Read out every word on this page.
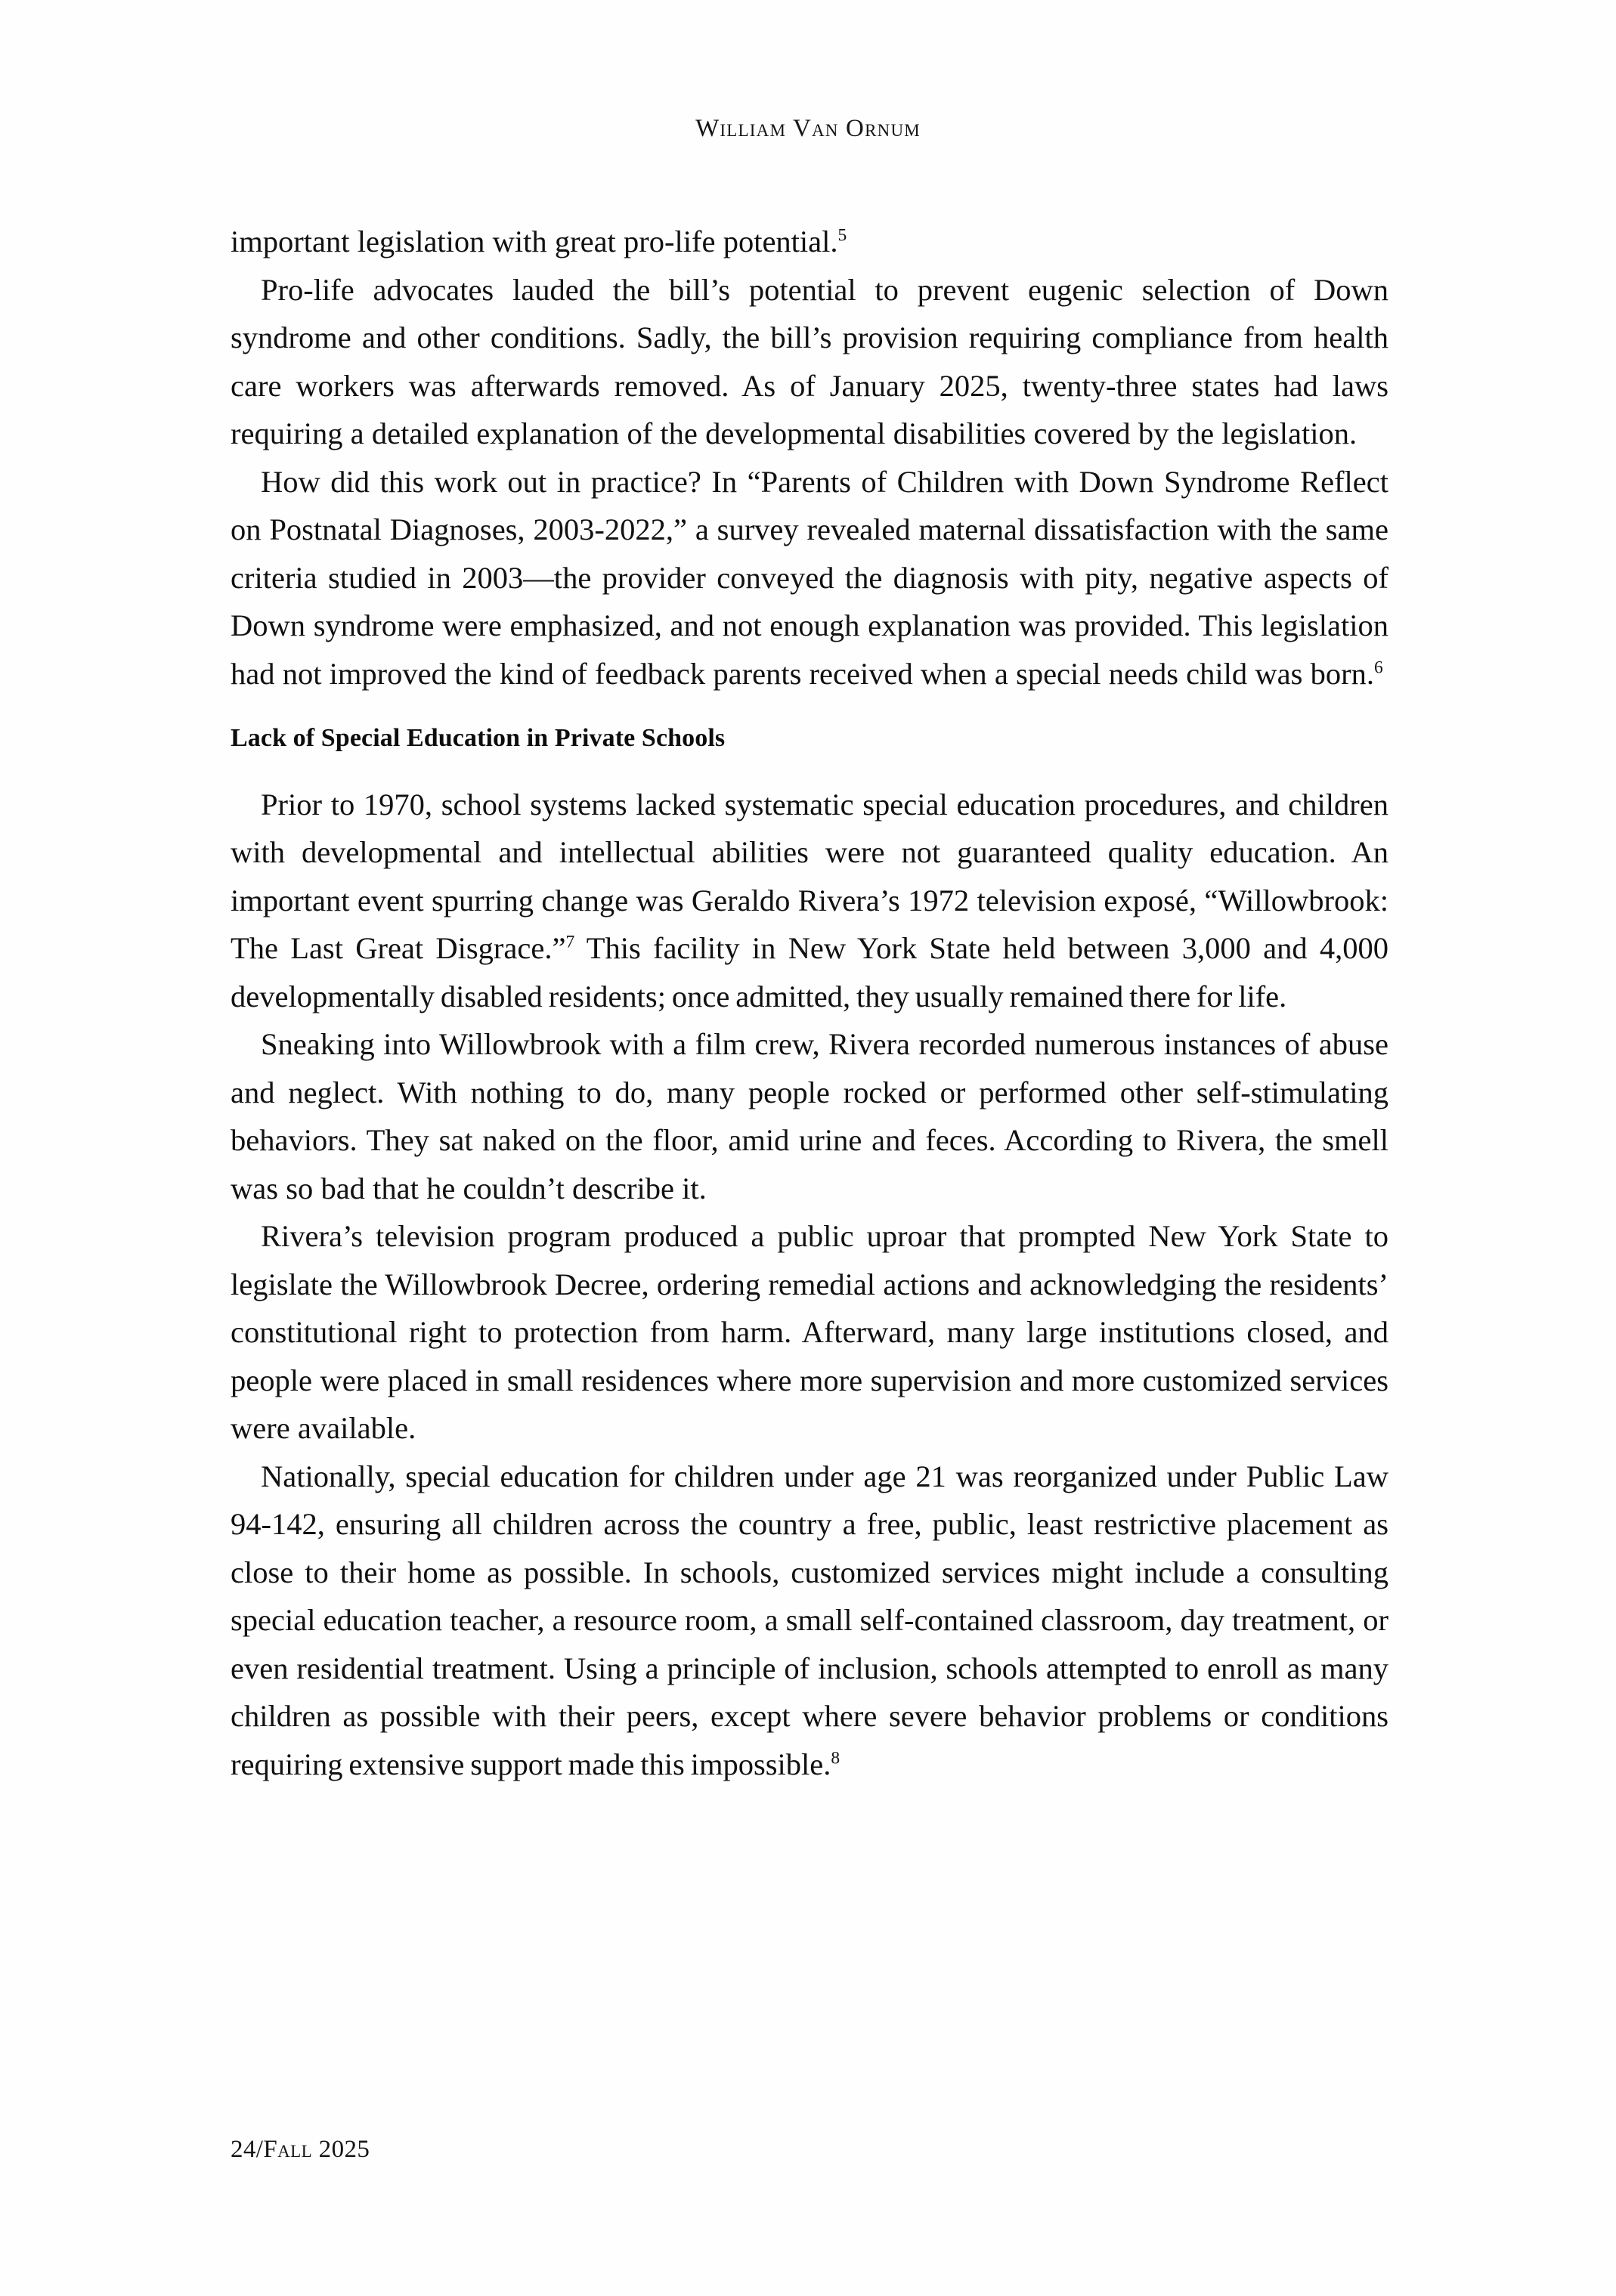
William Van Ornum

important legislation with great pro-life potential.$^5$

Pro-life advocates lauded the bill’s potential to prevent eugenic selection of Down syndrome and other conditions. Sadly, the bill’s provision requiring compliance from health care workers was afterwards removed. As of January 2025, twenty-three states had laws requiring a detailed explanation of the developmental disabilities covered by the legislation.

How did this work out in practice? In “Parents of Children with Down Syndrome Reflect on Postnatal Diagnoses, 2003-2022,” a survey revealed maternal dissatisfaction with the same criteria studied in 2003—the provider conveyed the diagnosis with pity, negative aspects of Down syndrome were emphasized, and not enough explanation was provided. This legislation had not improved the kind of feedback parents received when a special needs child was born.$^6$

Lack of Special Education in Private Schools

Prior to 1970, school systems lacked systematic special education procedures, and children with developmental and intellectual abilities were not guaranteed quality education. An important event spurring change was Geraldo Rivera’s 1972 television exposé, “Willowbrook: The Last Great Disgrace.”$^7$ This facility in New York State held between 3,000 and 4,000 developmentally disabled residents; once admitted, they usually remained there for life.

Sneaking into Willowbrook with a film crew, Rivera recorded numerous instances of abuse and neglect. With nothing to do, many people rocked or performed other self-stimulating behaviors. They sat naked on the floor, amid urine and feces. According to Rivera, the smell was so bad that he couldn’t describe it.

Rivera’s television program produced a public uproar that prompted New York State to legislate the Willowbrook Decree, ordering remedial actions and acknowledging the residents’ constitutional right to protection from harm. Afterward, many large institutions closed, and people were placed in small residences where more supervision and more customized services were available.

Nationally, special education for children under age 21 was reorganized under Public Law 94-142, ensuring all children across the country a free, public, least restrictive placement as close to their home as possible. In schools, customized services might include a consulting special education teacher, a resource room, a small self-contained classroom, day treatment, or even residential treatment. Using a principle of inclusion, schools attempted to enroll as many children as possible with their peers, except where severe behavior problems or conditions requiring extensive support made this impossible.$^8$

24/Fall 2025
